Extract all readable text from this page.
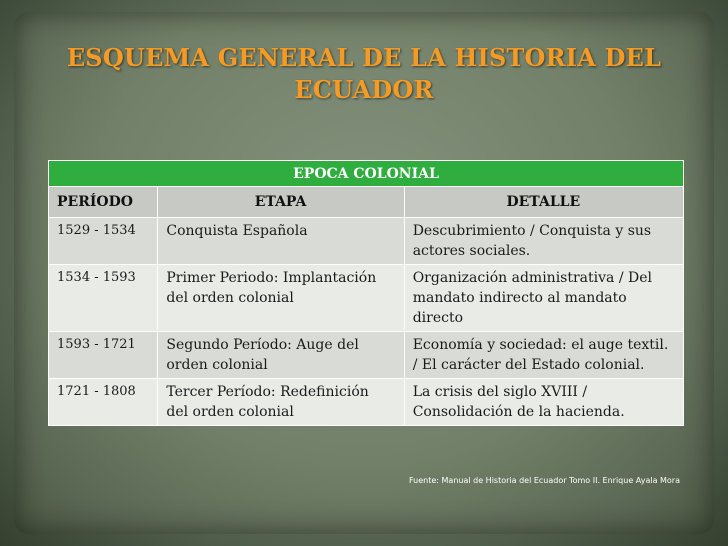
ESQUEMA GENERAL DE LA HISTORIA DEL ECUADOR
EPOCA COLONIAL		
PERÍODO	ETAPA	DETALLE
1529 - 1534	Conquista Española	Descubrimiento / Conquista y sus actores sociales.
1534 - 1593	Primer Periodo: Implantación del orden colonial	Organización administrativa / Del mandato indirecto al mandato directo
1593 - 1721	Segundo Período: Auge del orden colonial	Economía y sociedad: el auge textil. / El carácter del Estado colonial.
1721 - 1808	Tercer Período: Redefinición del orden colonial	La crisis del siglo XVIII / Consolidación de la hacienda.
Fuente: Manual de Historia del Ecuador Tomo II. Enrique Ayala Mora
